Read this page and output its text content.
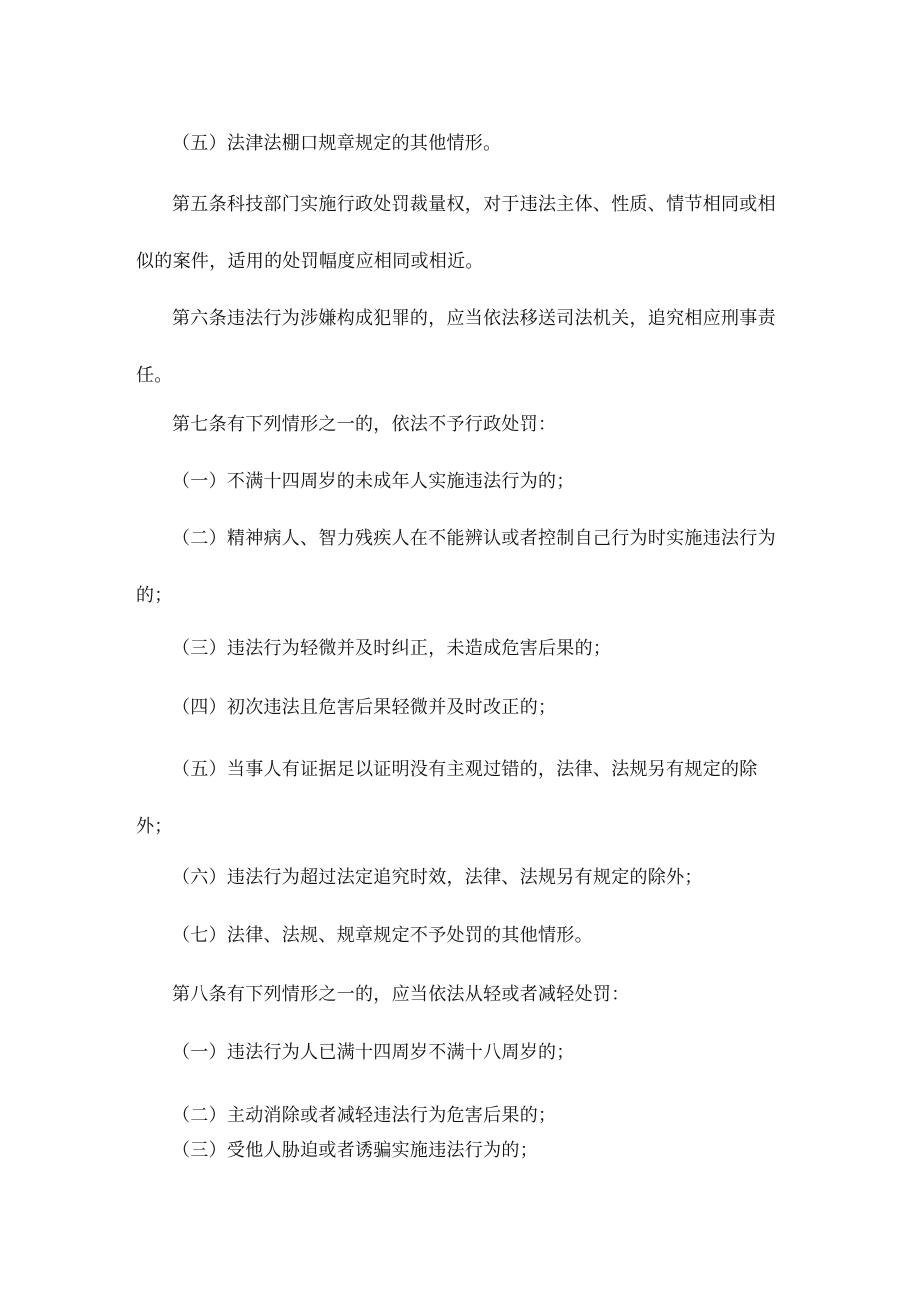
（五）法津法棚口规章规定的其他情形。

第五条科技部门实施行政处罚裁量权，对于违法主体、性质、情节相同或相似的案件，适用的处罚幅度应相同或相近。

第六条违法行为涉嫌构成犯罪的，应当依法移送司法机关，追究相应刑事责任。

第七条有下列情形之一的，依法不予行政处罚：

（一）不满十四周岁的未成年人实施违法行为的；

（二）精神病人、智力残疾人在不能辨认或者控制自己行为时实施违法行为的；

（三）违法行为轻微并及时纠正，未造成危害后果的；

（四）初次违法且危害后果轻微并及时改正的；

（五）当事人有证据足以证明没有主观过错的，法律、法规另有规定的除外；

（六）违法行为超过法定追究时效，法律、法规另有规定的除外；

（七）法律、法规、规章规定不予处罚的其他情形。

第八条有下列情形之一的，应当依法从轻或者减轻处罚：

（一）违法行为人已满十四周岁不满十八周岁的；

（二）主动消除或者减轻违法行为危害后果的；

（三）受他人胁迫或者诱骗实施违法行为的；
